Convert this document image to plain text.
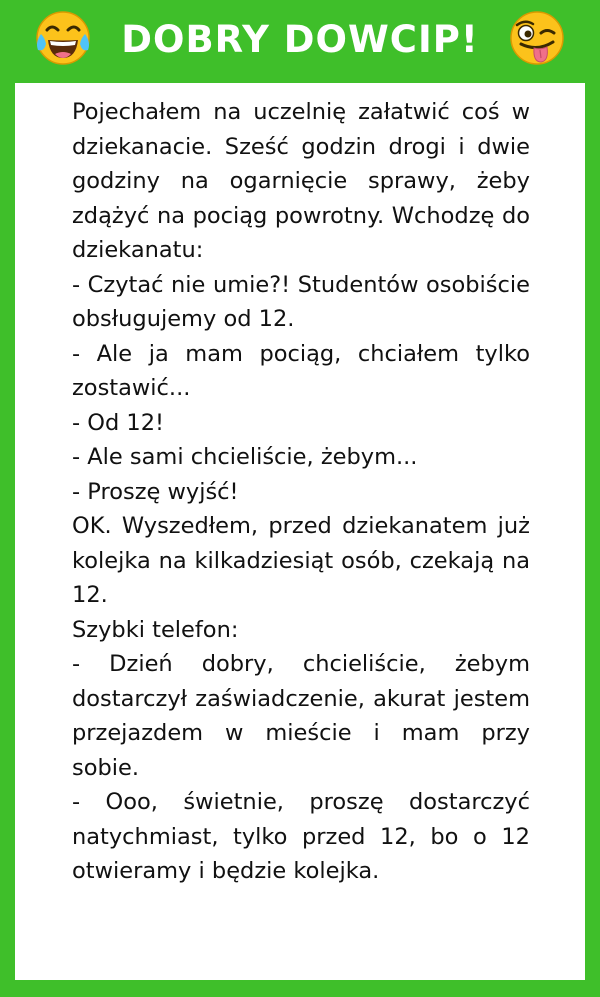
DOBRY DOWCIP!

Pojechałem na uczelnię załatwić coś w dziekanacie. Sześć godzin drogi i dwie godziny na ogarnięcie sprawy, żeby zdążyć na pociąg powrotny. Wchodzę do dziekanatu:

- Czytać nie umie?! Studentów osobiście obsługujemy od 12.

- Ale ja mam pociąg, chciałem tylko zostawić...

- Od 12!

- Ale sami chcieliście, żebym...

- Proszę wyjść!

OK. Wyszedłem, przed dziekanatem już kolejka na kilkadziesiąt osób, czekają na 12.

Szybki telefon:

- Dzień dobry, chcieliście, żebym dostarczył zaświadczenie, akurat jestem przejazdem w mieście i mam przy sobie.

- Ooo, świetnie, proszę dostarczyć natychmiast, tylko przed 12, bo o 12 otwieramy i będzie kolejka.
